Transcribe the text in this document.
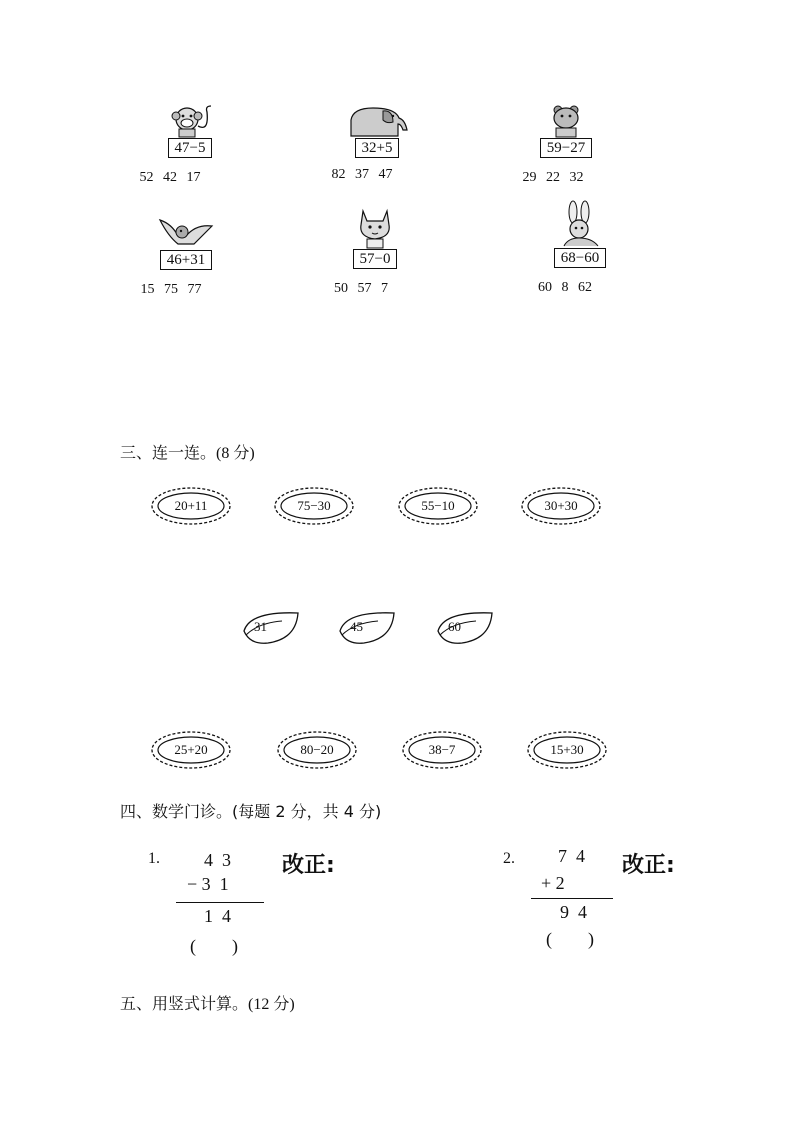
47−5
52 42 17
32+5
82 37 47
59−27
29 22 32
46+31
15 75 77
57−0
50 57 7
68−60
60 8 62
三、连一连。(8 分)
20+11	75−30	55−10	30+30
31	45	60
25+20	80−20	38−7	15+30
四、数学门诊。(每题 2 分，共 4 分)
1. 4  3
− 3  1
1  4
(        )
改正:	2. 7  4
+ 2
9  4
(        )
改正:
五、用竖式计算。(12 分)
